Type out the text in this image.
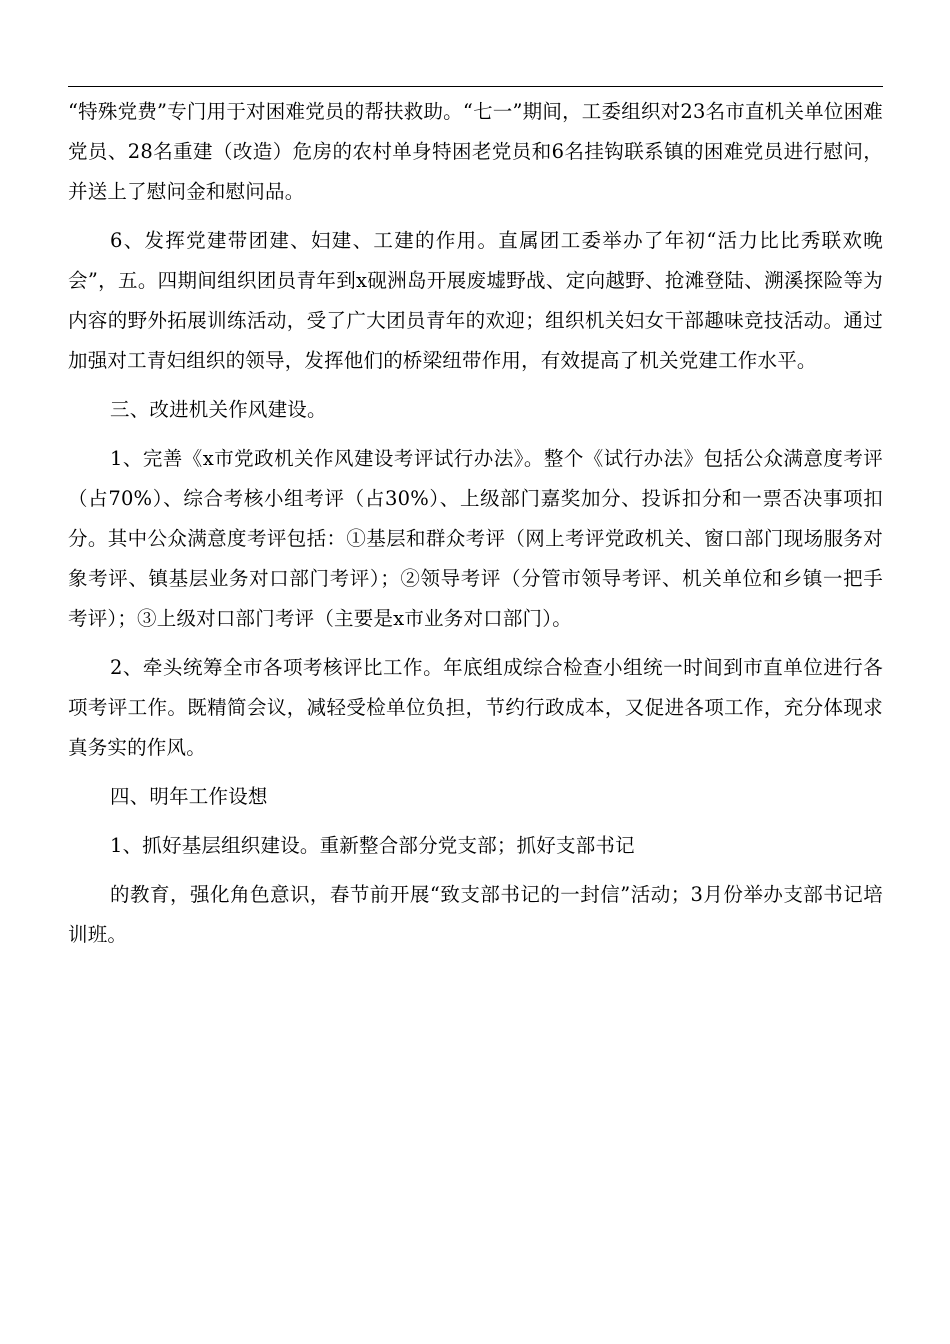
“特殊党费”专门用于对困难党员的帮扶救助。“七一”期间，工委组织对23名市直机关单位困难党员、28名重建（改造）危房的农村单身特困老党员和6名挂钩联系镇的困难党员进行慰问，并送上了慰问金和慰问品。

6、发挥党建带团建、妇建、工建的作用。直属团工委举办了年初“活力比比秀联欢晚会”，五。四期间组织团员青年到x砚洲岛开展废墟野战、定向越野、抢滩登陆、溯溪探险等为内容的野外拓展训练活动，受了广大团员青年的欢迎；组织机关妇女干部趣味竞技活动。通过加强对工青妇组织的领导，发挥他们的桥梁纽带作用，有效提高了机关党建工作水平。

三、改进机关作风建设。

1、完善《x市党政机关作风建设考评试行办法》。整个《试行办法》包括公众满意度考评（占70%）、综合考核小组考评（占30%）、上级部门嘉奖加分、投诉扣分和一票否决事项扣分。其中公众满意度考评包括：①基层和群众考评（网上考评党政机关、窗口部门现场服务对象考评、镇基层业务对口部门考评）；②领导考评（分管市领导考评、机关单位和乡镇一把手考评）；③上级对口部门考评（主要是x市业务对口部门）。

2、牵头统筹全市各项考核评比工作。年底组成综合检查小组统一时间到市直单位进行各项考评工作。既精简会议，减轻受检单位负担，节约行政成本，又促进各项工作，充分体现求真务实的作风。

四、明年工作设想

1、抓好基层组织建设。重新整合部分党支部；抓好支部书记

的教育，强化角色意识，春节前开展“致支部书记的一封信”活动；3月份举办支部书记培训班。
